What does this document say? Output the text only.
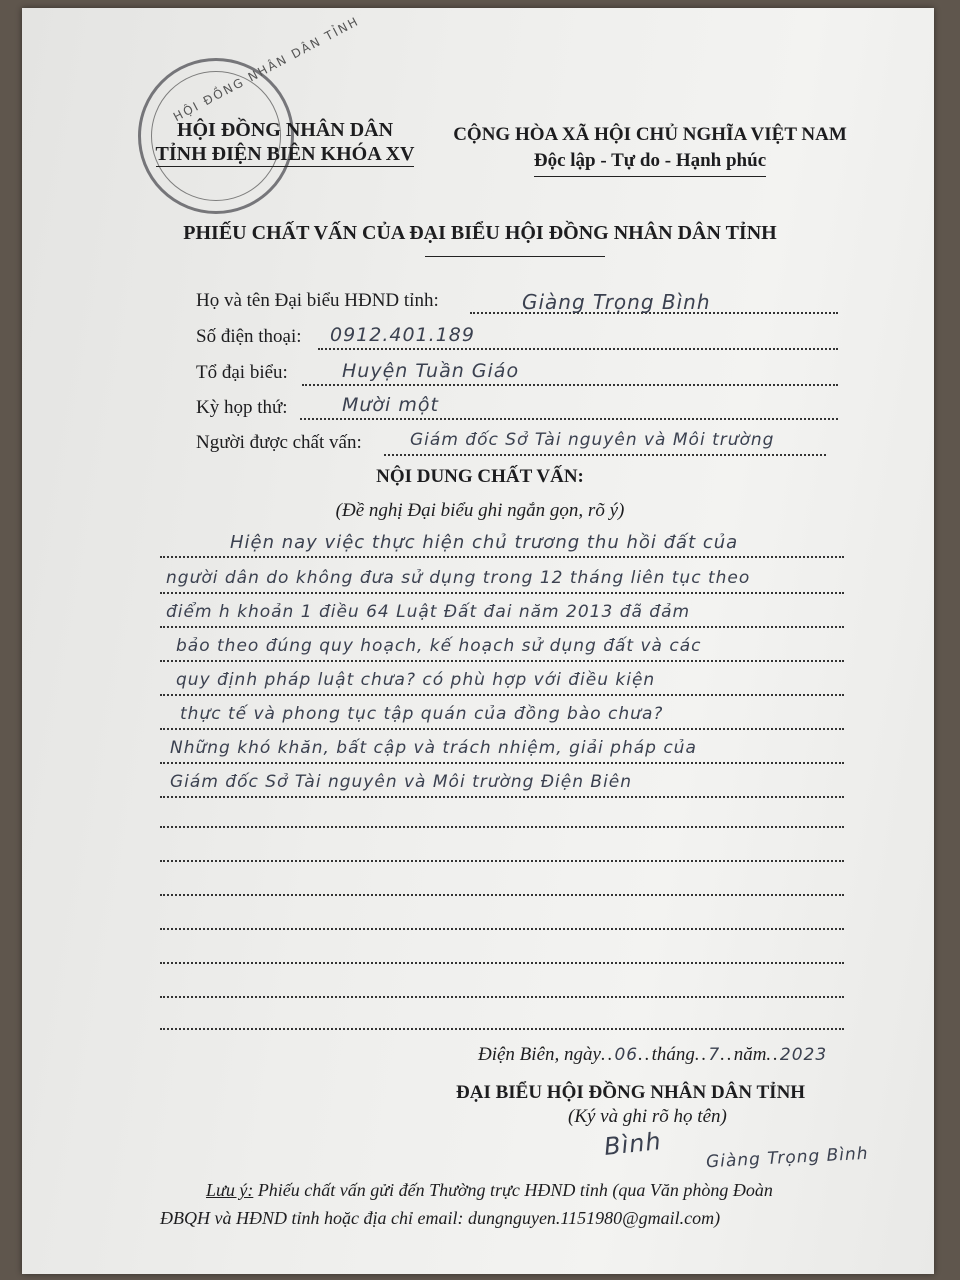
HỘI ĐỒNG NHÂN DÂN TỈNH
HỘI ĐỒNG NHÂN DÂN
TỈNH ĐIỆN BIÊN KHÓA XV
CỘNG HÒA XÃ HỘI CHỦ NGHĨA VIỆT NAM
Độc lập - Tự do - Hạnh phúc
PHIẾU CHẤT VẤN CỦA ĐẠI BIỂU HỘI ĐỒNG NHÂN DÂN TỈNH
Họ và tên Đại biểu HĐND tỉnh:	Giàng Trọng Bình
Số điện thoại: 0912.401.189
Tổ đại biểu:	Huyện Tuần Giáo
Kỳ họp thứ:	Mười một
Người được chất vấn:	Giám đốc Sở Tài nguyên và Môi trường
NỘI DUNG CHẤT VẤN:
(Đề nghị Đại biểu ghi ngắn gọn, rõ ý)
Hiện nay việc thực hiện chủ trương thu hồi đất của
người dân do không đưa sử dụng trong 12 tháng liên tục theo
điểm h khoản 1 điều 64 Luật Đất đai năm 2013 đã đảm
bảo theo đúng quy hoạch, kế hoạch sử dụng đất và các
quy định pháp luật chưa? có phù hợp với điều kiện
thực tế và phong tục tập quán của đồng bào chưa?
Những khó khăn, bất cập và trách nhiệm, giải pháp của
Giám đốc Sở Tài nguyên và Môi trường Điện Biên
Điện Biên, ngày..06..tháng..7..năm..2023
ĐẠI BIỂU HỘI ĐỒNG NHÂN DÂN TỈNH
(Ký và ghi rõ họ tên)
Bình	Giàng Trọng Bình
Lưu ý: Phiếu chất vấn gửi đến Thường trực HĐND tỉnh (qua Văn phòng Đoàn
ĐBQH và HĐND tỉnh hoặc địa chỉ email: dungnguyen.1151980@gmail.com)
